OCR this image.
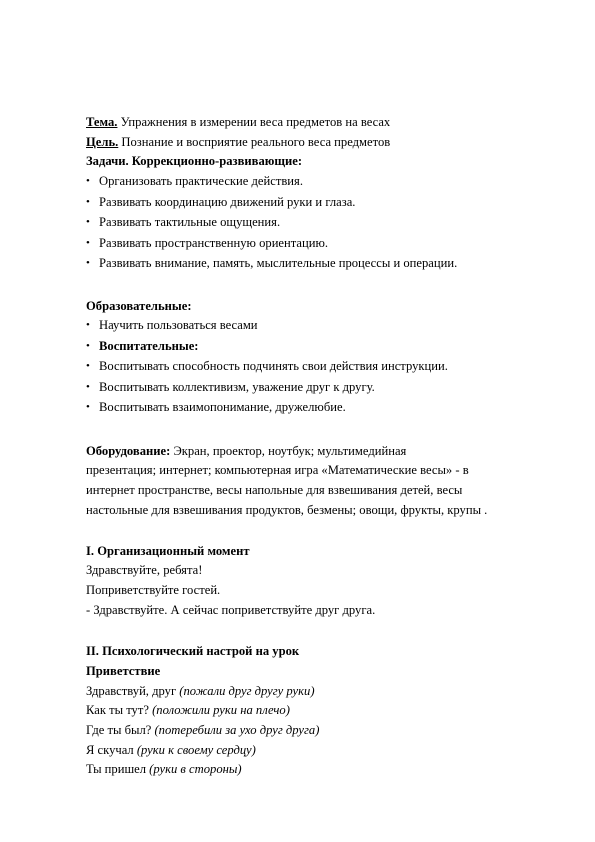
Тема. Упражнения в измерении веса предметов на весах
Цель. Познание и восприятие реального веса предметов
Задачи. Коррекционно-развивающие:
• Организовать практические действия.
• Развивать координацию движений руки и глаза.
• Развивать тактильные ощущения.
• Развивать пространственную ориентацию.
• Развивать внимание, память, мыслительные процессы и операции.
Образовательные:
• Научить пользоваться весами
• Воспитательные:
• Воспитывать способность подчинять свои действия инструкции.
• Воспитывать коллективизм, уважение друг к другу.
• Воспитывать взаимопонимание, дружелюбие.
Оборудование: Экран, проектор, ноутбук; мультимедийная
презентация; интернет; компьютерная игра «Математические весы» - в
интернет пространстве, весы напольные для взвешивания детей, весы
настольные для взвешивания продуктов, безмены; овощи, фрукты, крупы .
I. Организационный момент
Здравствуйте, ребята!
Поприветствуйте гостей.
- Здравствуйте. А сейчас поприветствуйте друг друга.
II. Психологический настрой на урок
Приветствие
Здравствуй, друг (пожали друг другу руки)
Как ты тут? (положили руки на плечо)
Где ты был? (потеребили за ухо друг друга)
Я скучал (руки к своему сердцу)
Ты пришел (руки в стороны)
